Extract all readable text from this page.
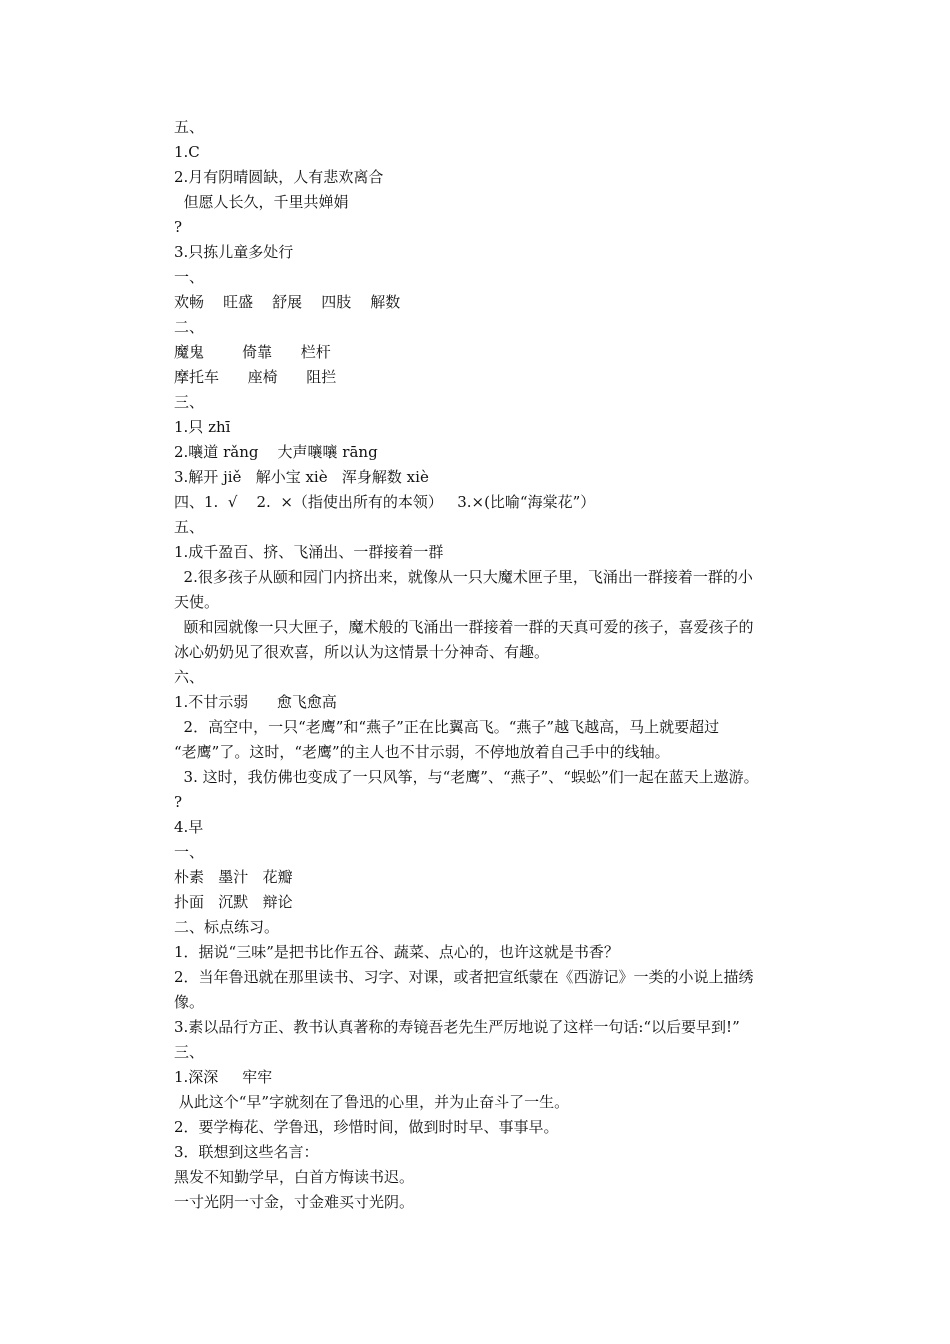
五、

1.C

2.月有阴晴圆缺，人有悲欢离合

但愿人长久，千里共婵娟

?

3.只拣儿童多处行

一、

欢畅    旺盛    舒展    四肢    解数

二、

魔鬼        倚靠      栏杆

摩托车      座椅      阻拦

三、

1.只 zhī

2.嚷道 rǎng    大声嚷嚷 rāng

3.解开 jiě   解小宝 xiè   浑身解数 xiè

四、1.  √    2.  ×（指使出所有的本领）   3.×(比喻“海棠花”）

五、

1.成千盈百、挤、飞涌出、一群接着一群

2.很多孩子从颐和园门内挤出来，就像从一只大魔术匣子里，飞涌出一群接着一群的小

天使。

颐和园就像一只大匣子，魔术般的飞涌出一群接着一群的天真可爱的孩子，喜爱孩子的

冰心奶奶见了很欢喜，所以认为这情景十分神奇、有趣。

六、

1.不甘示弱      愈飞愈高

2．高空中，一只“老鹰”和“燕子”正在比翼高飞。“燕子”越飞越高，马上就要超过

“老鹰”了。这时，“老鹰”的主人也不甘示弱，不停地放着自己手中的线轴。

3. 这时，我仿佛也变成了一只风筝，与“老鹰”、“燕子”、“蜈蚣”们一起在蓝天上遨游。

?

4.早

一、

朴素   墨汁   花瓣

扑面   沉默   辩论

二、标点练习。

1．据说“三味”是把书比作五谷、蔬菜、点心的，也许这就是书香？

2．当年鲁迅就在那里读书、习字、对课，或者把宣纸蒙在《西游记》一类的小说上描绣

像。

3.素以品行方正、教书认真著称的寿镜吾老先生严厉地说了这样一句话:“以后要早到!”

三、

1.深深     牢牢

从此这个“早”字就刻在了鲁迅的心里，并为止奋斗了一生。

2．要学梅花、学鲁迅，珍惜时间，做到时时早、事事早。

3．联想到这些名言：

黑发不知勤学早，白首方悔读书迟。

一寸光阴一寸金，寸金难买寸光阴。
